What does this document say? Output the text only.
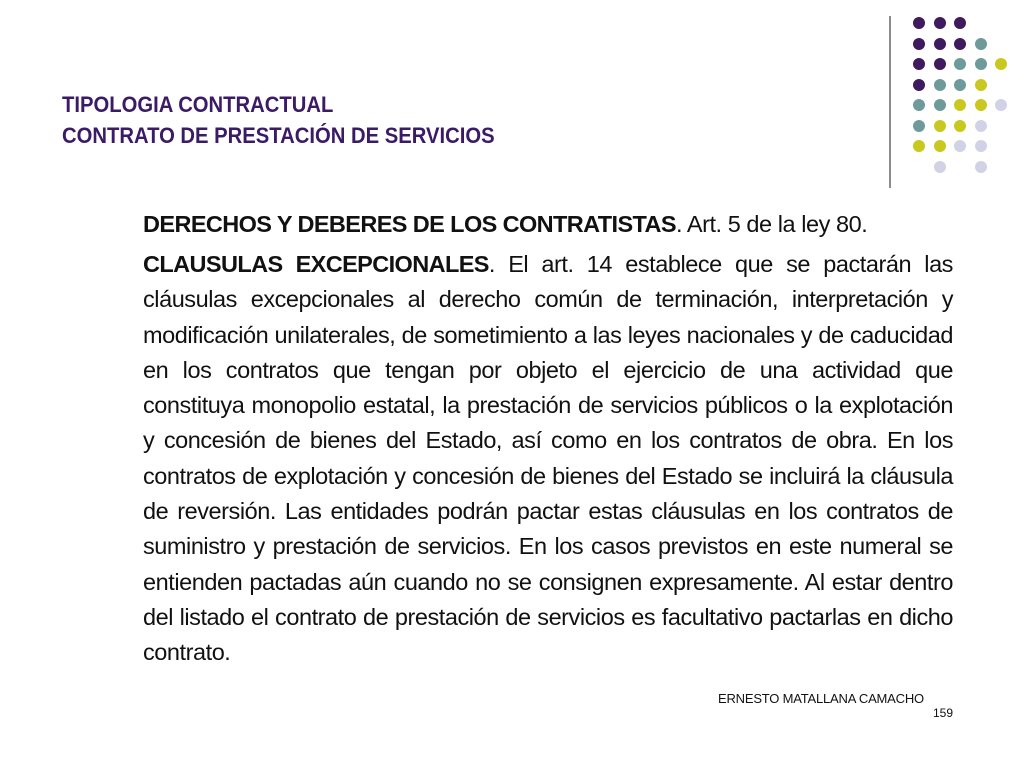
TIPOLOGIA CONTRACTUAL
CONTRATO DE PRESTACIÓN DE SERVICIOS

DERECHOS Y DEBERES DE LOS CONTRATISTAS. Art. 5 de la ley 80.

CLAUSULAS EXCEPCIONALES. El art. 14 establece que se pactarán las cláusulas excepcionales al derecho común de terminación, interpretación y modificación unilaterales, de sometimiento a las leyes nacionales y de caducidad en los contratos que tengan por objeto el ejercicio de una actividad que constituya monopolio estatal, la prestación de servicios públicos o la explotación y concesión de bienes del Estado, así como en los contratos de obra. En los contratos de explotación y concesión de bienes del Estado se incluirá la cláusula de reversión. Las entidades podrán pactar estas cláusulas en los contratos de suministro y prestación de servicios. En los casos previstos en este numeral se entienden pactadas aún cuando no se consignen expresamente. Al estar dentro del listado el contrato de prestación de servicios es facultativo pactarlas en dicho contrato.

ERNESTO MATALLANA CAMACHO
159
